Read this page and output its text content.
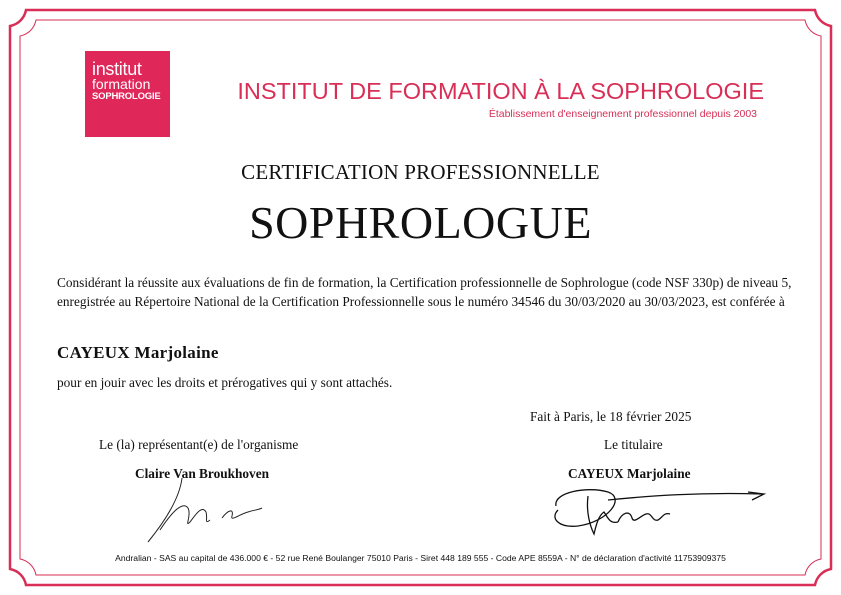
institut
formation
SOPHROLOGIE	INSTITUT DE FORMATION À LA SOPHROLOGIE
Établissement d'enseignement professionnel depuis 2003
CERTIFICATION PROFESSIONNELLE
SOPHROLOGUE
Considérant la réussite aux évaluations de fin de formation, la Certification professionnelle de Sophrologue (code NSF 330p) de niveau 5, enregistrée au Répertoire National de la Certification Professionnelle sous le numéro 34546 du 30/03/2020 au 30/03/2023, est conférée à
CAYEUX Marjolaine
pour en jouir avec les droits et prérogatives qui y sont attachés.
Fait à Paris, le 18 février 2025
Le (la) représentant(e) de l'organisme	Le titulaire
Claire Van Broukhoven	CAYEUX Marjolaine
Andralian - SAS au capital de 436.000 € - 52 rue René Boulanger 75010 Paris - Siret 448 189 555 - Code APE 8559A - N° de déclaration d'activité 11753909375
